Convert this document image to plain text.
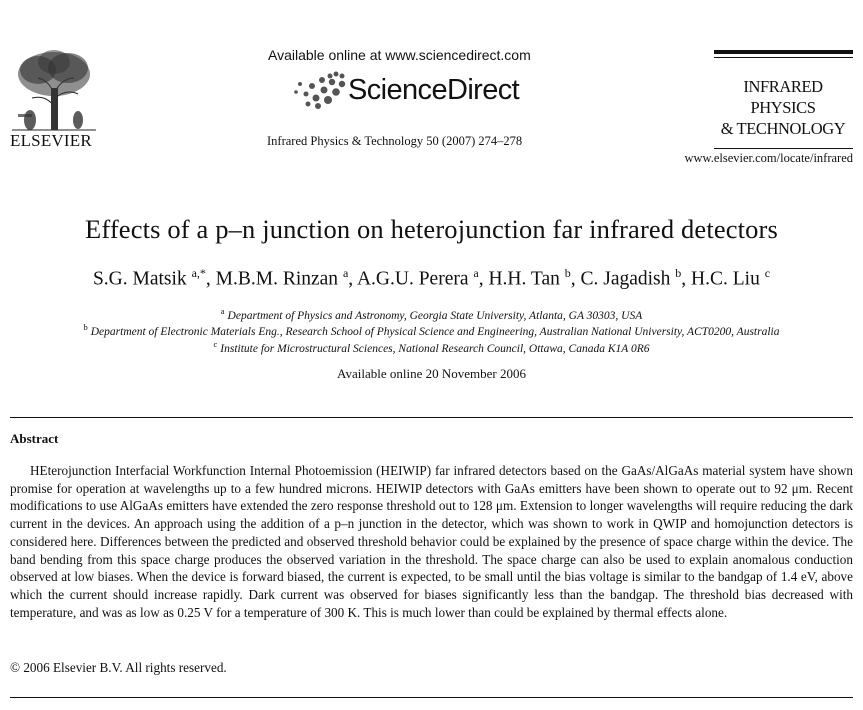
ELSEVIER
Available online at www.sciencedirect.com
ScienceDirect
Infrared Physics & Technology 50 (2007) 274–278
INFRARED PHYSICS
& TECHNOLOGY
www.elsevier.com/locate/infrared
Effects of a p–n junction on heterojunction far infrared detectors
S.G. Matsik $^{a,*}$, M.B.M. Rinzan $^a$, A.G.U. Perera $^a$, H.H. Tan $^b$, C. Jagadish $^b$, H.C. Liu $^c$
$^a$ Department of Physics and Astronomy, Georgia State University, Atlanta, GA 30303, USA
$^b$ Department of Electronic Materials Eng., Research School of Physical Science and Engineering, Australian National University, ACT0200, Australia
$^c$ Institute for Microstructural Sciences, National Research Council, Ottawa, Canada K1A 0R6
Available online 20 November 2006
Abstract

HEterojunction Interfacial Workfunction Internal Photoemission (HEIWIP) far infrared detectors based on the GaAs/AlGaAs material system have shown promise for operation at wavelengths up to a few hundred microns. HEIWIP detectors with GaAs emitters have been shown to operate out to 92 μm. Recent modifications to use AlGaAs emitters have extended the zero response threshold out to 128 μm. Extension to longer wavelengths will require reducing the dark current in the devices. An approach using the addition of a p–n junction in the detector, which was shown to work in QWIP and homojunction detectors is considered here. Differences between the predicted and observed threshold behavior could be explained by the presence of space charge within the device. The band bending from this space charge produces the observed variation in the threshold. The space charge can also be used to explain anomalous conduction observed at low biases. When the device is forward biased, the current is expected, to be small until the bias voltage is similar to the bandgap of 1.4 eV, above which the current should increase rapidly. Dark current was observed for biases significantly less than the bandgap. The threshold bias decreased with temperature, and was as low as 0.25 V for a temperature of 300 K. This is much lower than could be explained by thermal effects alone.

© 2006 Elsevier B.V. All rights reserved.
